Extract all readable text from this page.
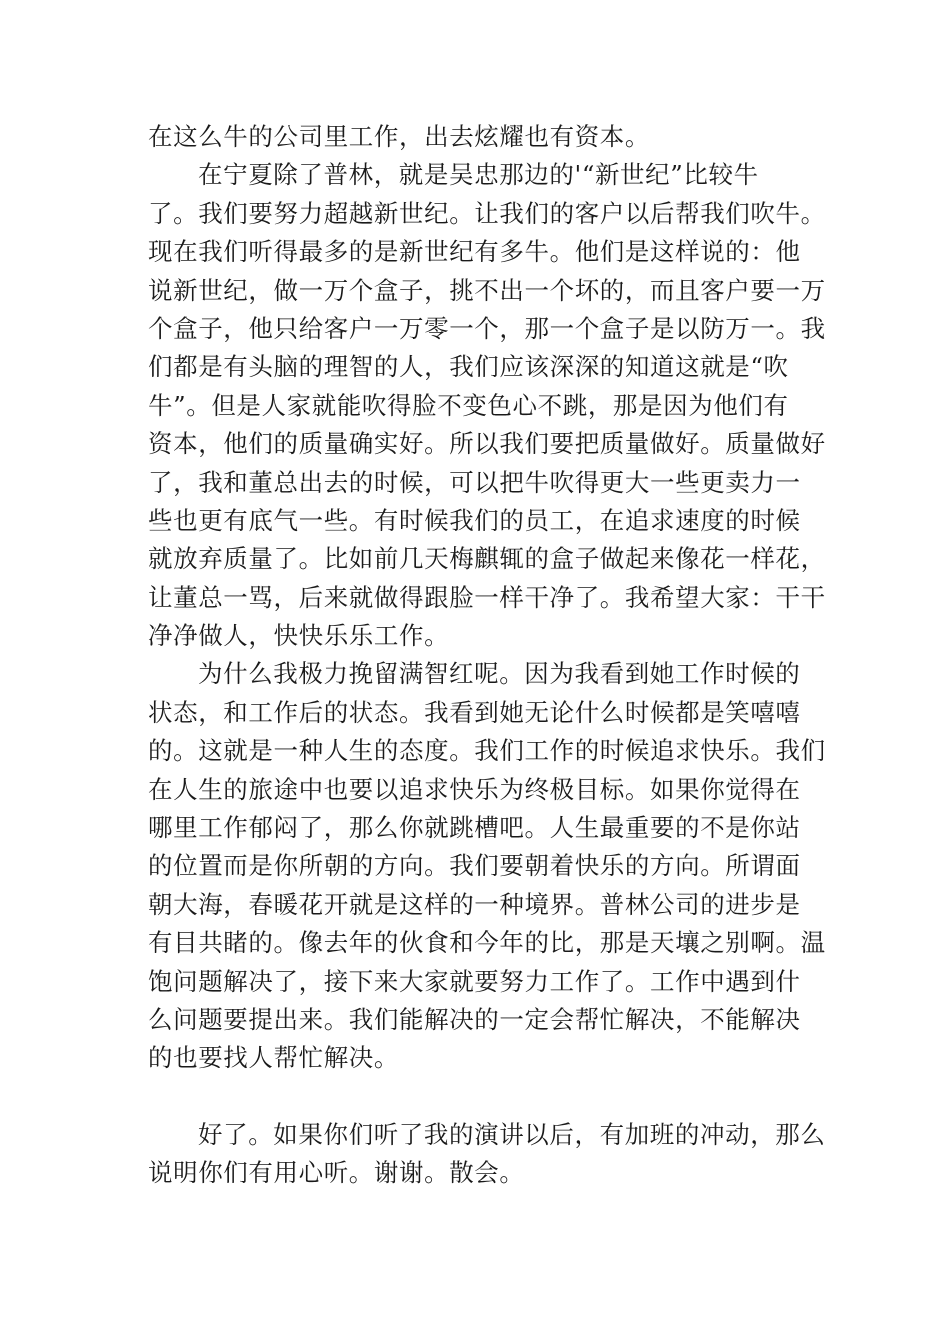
在这么牛的公司里工作，出去炫耀也有资本。
在宁夏除了普林，就是吴忠那边的'“新世纪”比较牛
了。我们要努力超越新世纪。让我们的客户以后帮我们吹牛。
现在我们听得最多的是新世纪有多牛。他们是这样说的：他
说新世纪，做一万个盒子，挑不出一个坏的，而且客户要一万
个盒子，他只给客户一万零一个，那一个盒子是以防万一。我
们都是有头脑的理智的人，我们应该深深的知道这就是“吹
牛”。但是人家就能吹得脸不变色心不跳，那是因为他们有
资本，他们的质量确实好。所以我们要把质量做好。质量做好
了，我和董总出去的时候，可以把牛吹得更大一些更卖力一
些也更有底气一些。有时候我们的员工，在追求速度的时候
就放弃质量了。比如前几天梅麒辄的盒子做起来像花一样花，
让董总一骂，后来就做得跟脸一样干净了。我希望大家：干干
净净做人，快快乐乐工作。
为什么我极力挽留满智红呢。因为我看到她工作时候的
状态，和工作后的状态。我看到她无论什么时候都是笑嘻嘻
的。这就是一种人生的态度。我们工作的时候追求快乐。我们
在人生的旅途中也要以追求快乐为终极目标。如果你觉得在
哪里工作郁闷了，那么你就跳槽吧。人生最重要的不是你站
的位置而是你所朝的方向。我们要朝着快乐的方向。所谓面
朝大海，春暖花开就是这样的一种境界。普林公司的进步是
有目共睹的。像去年的伙食和今年的比，那是天壤之别啊。温
饱问题解决了，接下来大家就要努力工作了。工作中遇到什
么问题要提出来。我们能解决的一定会帮忙解决，不能解决
的也要找人帮忙解决。
好了。如果你们听了我的演讲以后，有加班的冲动，那么
说明你们有用心听。谢谢。散会。
